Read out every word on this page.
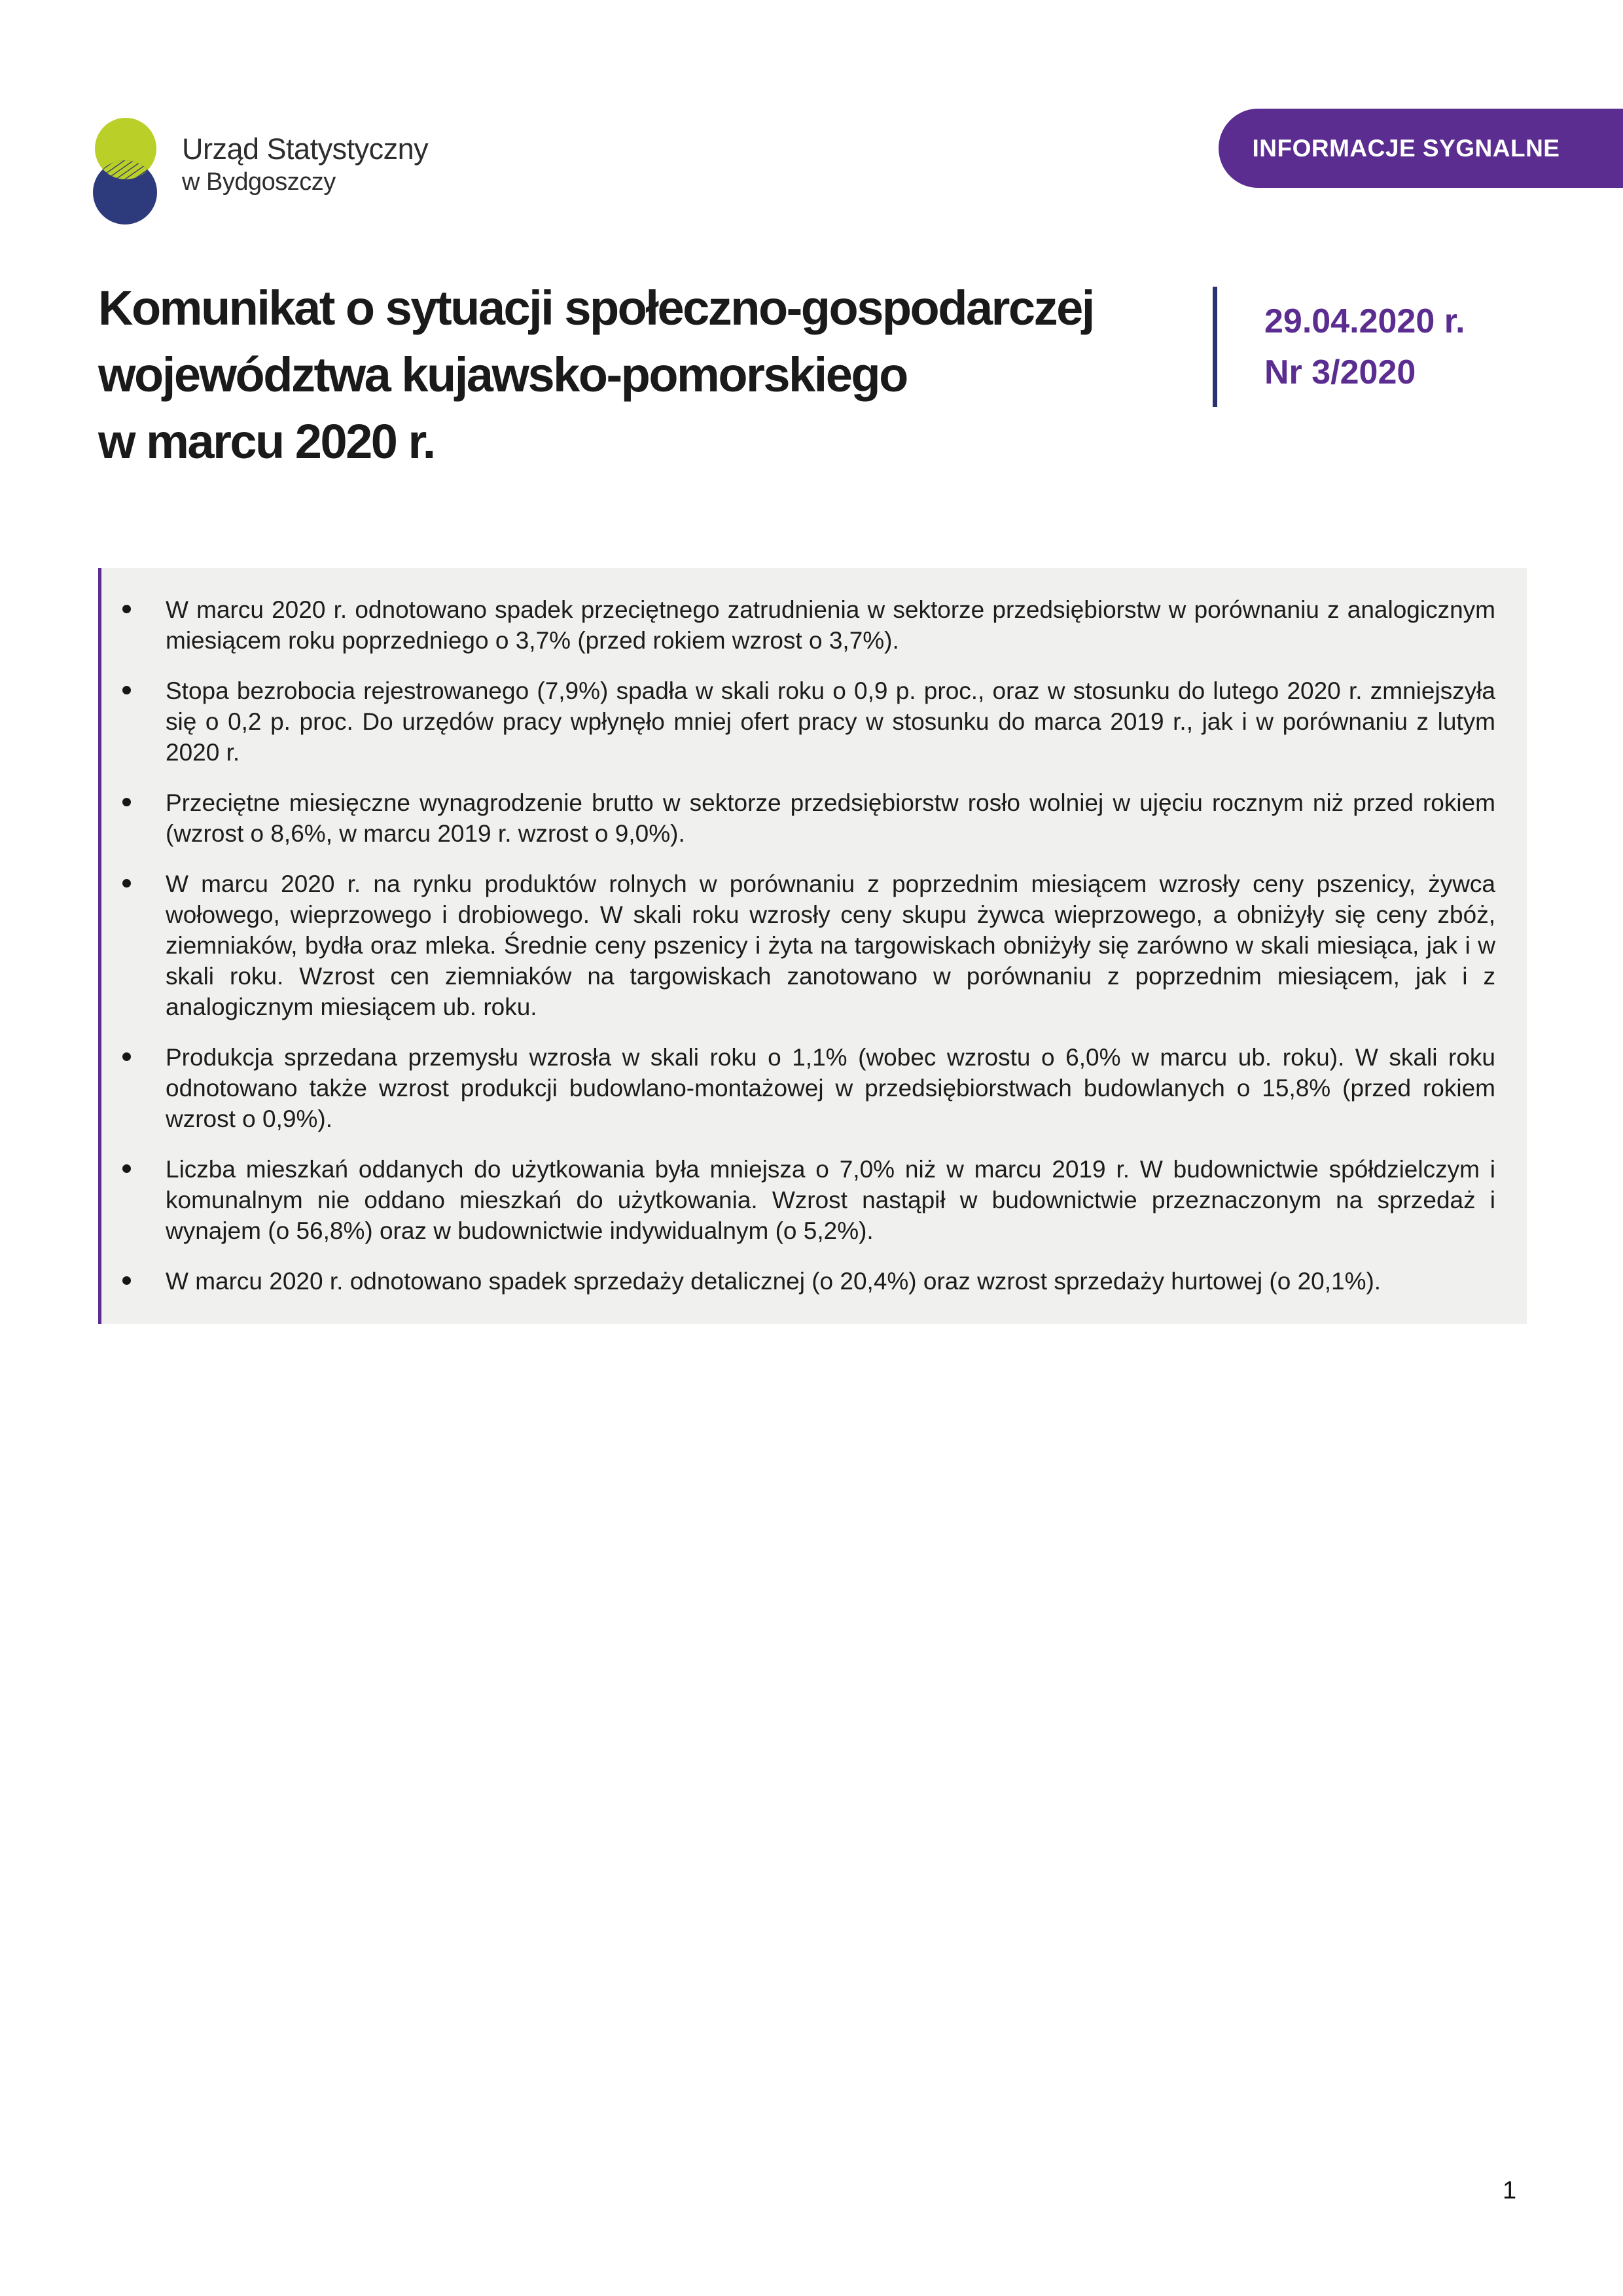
Urząd Statystyczny
w Bydgoszczy
INFORMACJE SYGNALNE
Komunikat o sytuacji społeczno-gospodarczej
województwa kujawsko-pomorskiego
w marcu 2020 r.
29.04.2020 r.
Nr 3/2020
W marcu 2020 r. odnotowano spadek przeciętnego zatrudnienia w sektorze przedsiębiorstw w porównaniu z analogicznym miesiącem roku poprzedniego o 3,7% (przed rokiem wzrost o 3,7%).
Stopa bezrobocia rejestrowanego (7,9%) spadła w skali roku o 0,9 p. proc., oraz w stosunku do lutego 2020 r. zmniejszyła się o 0,2 p. proc. Do urzędów pracy wpłynęło mniej ofert pracy w stosunku do marca 2019 r., jak i w porównaniu z lutym 2020 r.
Przeciętne miesięczne wynagrodzenie brutto w sektorze przedsiębiorstw rosło wolniej w ujęciu rocznym niż przed rokiem (wzrost o 8,6%, w marcu 2019 r. wzrost o 9,0%).
W marcu 2020 r. na rynku produktów rolnych w porównaniu z poprzednim miesiącem wzrosły ceny pszenicy, żywca wołowego, wieprzowego i drobiowego. W skali roku wzrosły ceny skupu żywca wieprzowego, a obniżyły się ceny zbóż, ziemniaków, bydła oraz mleka. Średnie ceny pszenicy i żyta na targowiskach obniżyły się zarówno w skali miesiąca, jak i w skali roku. Wzrost cen ziemniaków na targowiskach zanotowano w porównaniu z poprzednim miesiącem, jak i z analogicznym miesiącem ub. roku.
Produkcja sprzedana przemysłu wzrosła w skali roku o 1,1% (wobec wzrostu o 6,0% w marcu ub. roku). W skali roku odnotowano także wzrost produkcji budowlano-montażowej w przedsiębiorstwach budowlanych o 15,8% (przed rokiem wzrost o 0,9%).
Liczba mieszkań oddanych do użytkowania była mniejsza o 7,0% niż w marcu 2019 r. W budownictwie spółdzielczym i komunalnym nie oddano mieszkań do użytkowania. Wzrost nastąpił w budownictwie przeznaczonym na sprzedaż i wynajem (o 56,8%) oraz w budownictwie indywidualnym (o 5,2%).
W marcu 2020 r. odnotowano spadek sprzedaży detalicznej (o 20,4%) oraz wzrost sprzedaży hurtowej (o 20,1%).
1
